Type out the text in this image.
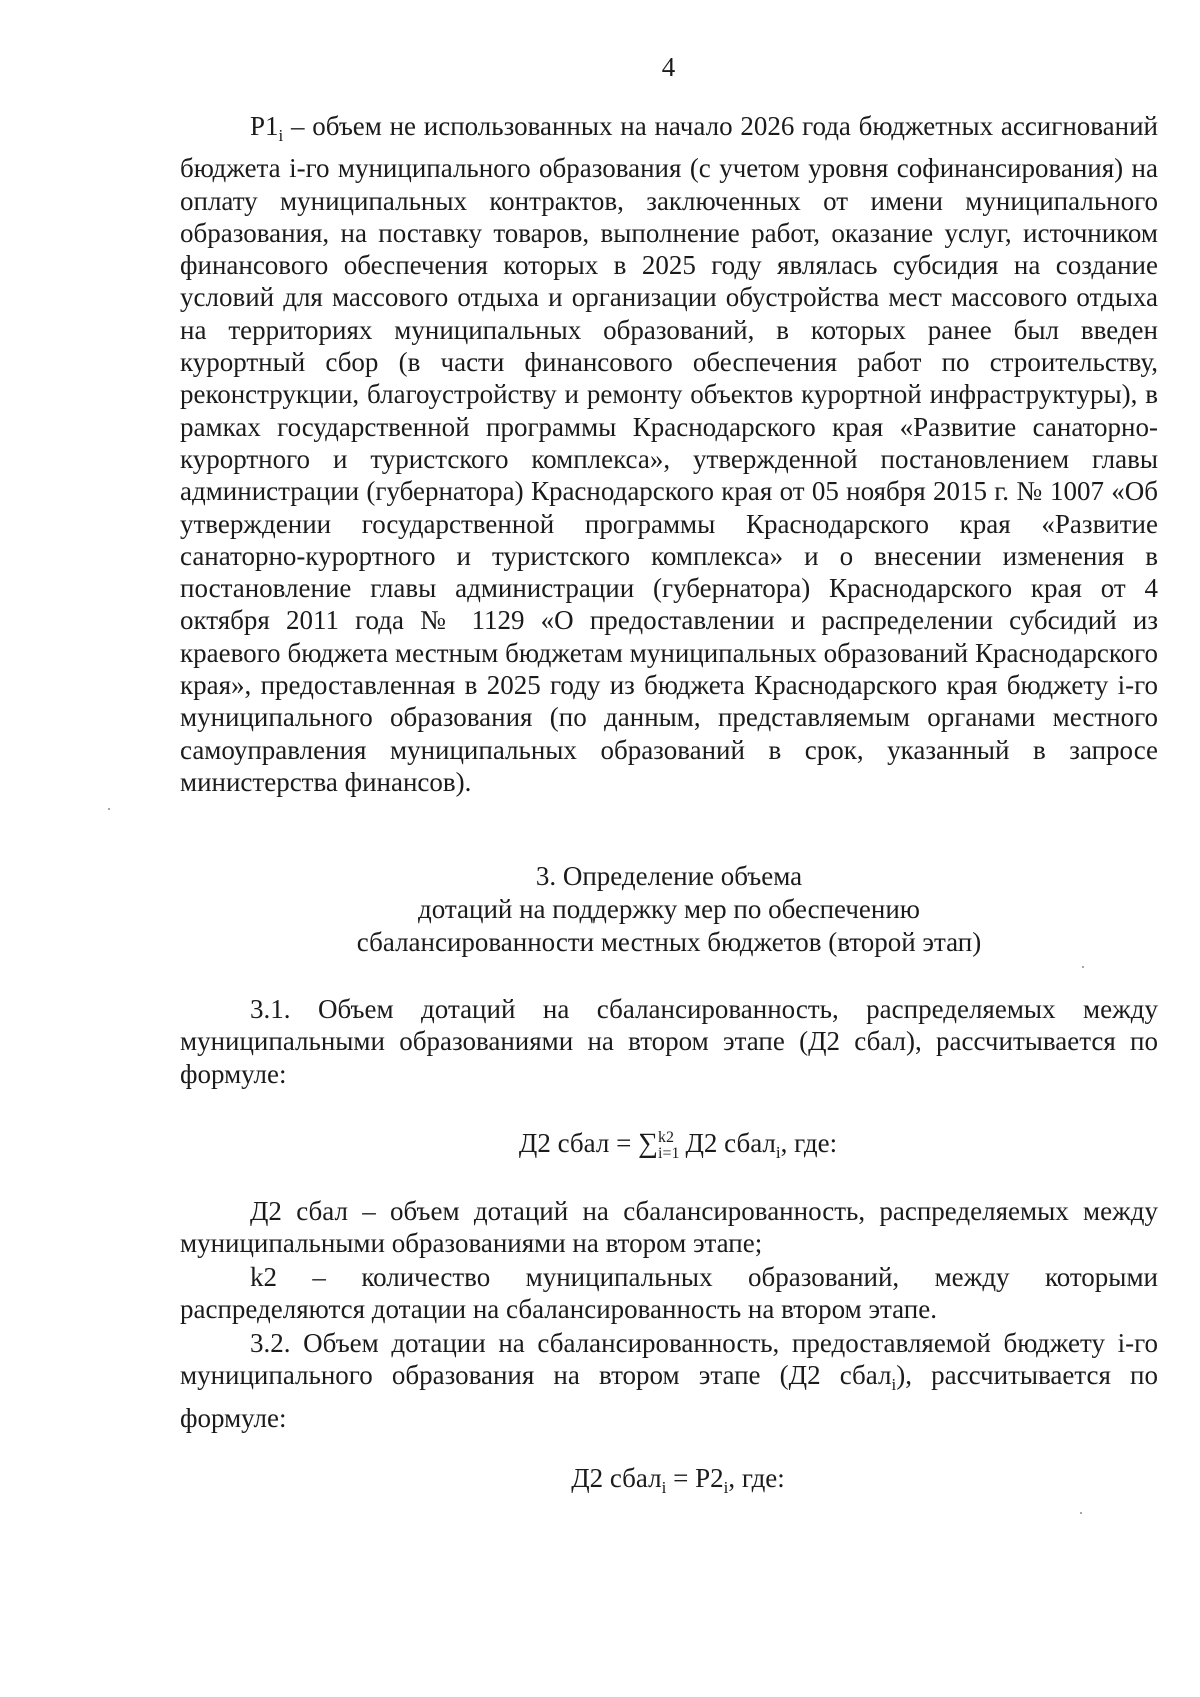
4

$Р1_i$ – объем не использованных на начало 2026 года бюджетных ассигнований бюджета i-го муниципального образования (с учетом уровня софинансирования) на оплату муниципальных контрактов, заключенных от имени муниципального образования, на поставку товаров, выполнение работ, оказание услуг, источником финансового обеспечения которых в 2025 году являлась субсидия на создание условий для массового отдыха и организации обустройства мест массового отдыха на территориях муниципальных образований, в которых ранее был введен курортный сбор (в части финансового обеспечения работ по строительству, реконструкции, благоустройству и ремонту объектов курортной инфраструктуры), в рамках государственной программы Краснодарского края «Развитие санаторно-курортного и туристского комплекса», утвержденной постановлением главы администрации (губернатора) Краснодарского края от 05 ноября 2015 г. № 1007 «Об утверждении государственной программы Краснодарского края «Развитие санаторно-курортного и туристского комплекса» и о внесении изменения в постановление главы администрации (губернатора) Краснодарского края от 4 октября 2011 года № 1129 «О предоставлении и распределении субсидий из краевого бюджета местным бюджетам муниципальных образований Краснодарского края», предоставленная в 2025 году из бюджета Краснодарского края бюджету i-го муниципального образования (по данным, представляемым органами местного самоуправления муниципальных образований в срок, указанный в запросе министерства финансов).

3. Определение объема
дотаций на поддержку мер по обеспечению
сбалансированности местных бюджетов (второй этап)

3.1. Объем дотаций на сбалансированность, распределяемых между муниципальными образованиями на втором этапе (Д2 сбал), рассчитывается по формуле:

Д2 сбал = ∑ k2
i=1 Д2 сбал$_i$, где:

Д2 сбал – объем дотаций на сбалансированность, распределяемых между муниципальными образованиями на втором этапе;

k2 – количество муниципальных образований, между которыми распределяются дотации на сбалансированность на втором этапе.

3.2. Объем дотации на сбалансированность, предоставляемой бюджету i-го муниципального образования на втором этапе (Д2 сбал$_i$), рассчитывается по формуле:

Д2 сбал$_i$ = $Р2_i$, где:
